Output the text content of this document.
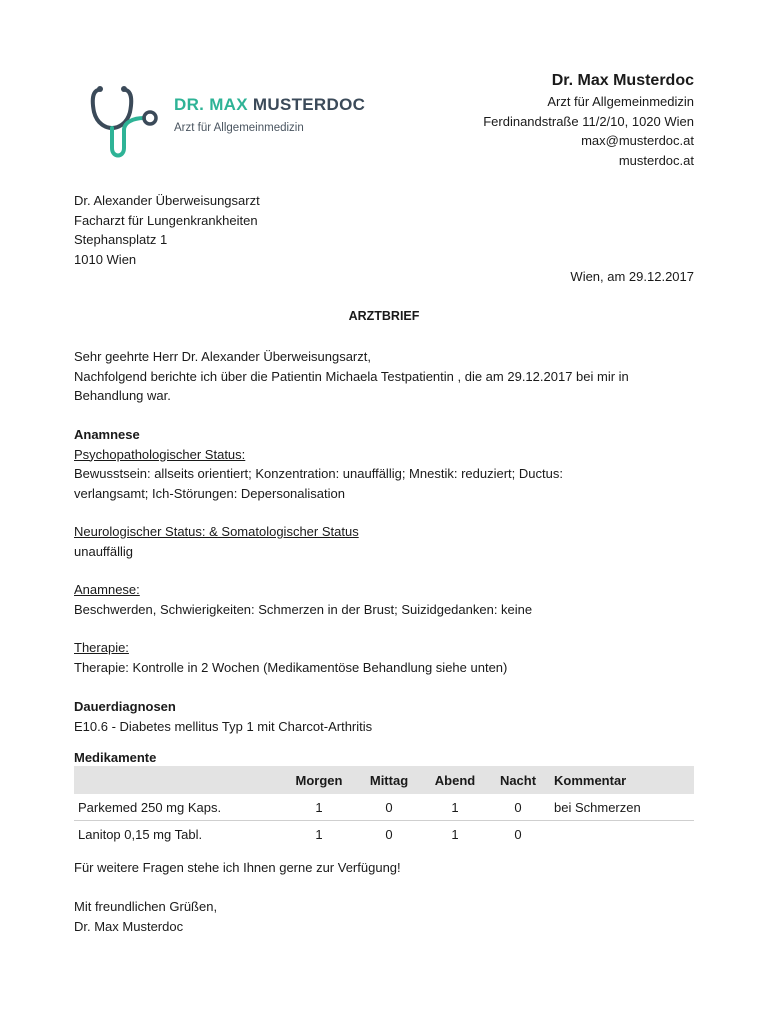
DR. MAX MUSTERDOC
Arzt für Allgemeinmedizin
Dr. Max Musterdoc
Arzt für Allgemeinmedizin
Ferdinandstraße 11/2/10, 1020 Wien
max@musterdoc.at
musterdoc.at
Dr. Alexander Überweisungsarzt
Facharzt für Lungenkrankheiten
Stephansplatz 1
1010 Wien
Wien, am 29.12.2017
ARZTBRIEF
Sehr geehrte Herr Dr. Alexander Überweisungsarzt,
Nachfolgend berichte ich über die Patientin Michaela Testpatientin , die am 29.12.2017 bei mir in
Behandlung war.
Anamnese
Psychopathologischer Status:
Bewusstsein: allseits orientiert; Konzentration: unauffällig; Mnestik: reduziert; Ductus:
verlangsamt; Ich-Störungen: Depersonalisation
Neurologischer Status: & Somatologischer Status
unauffällig
Anamnese:
Beschwerden, Schwierigkeiten: Schmerzen in der Brust; Suizidgedanken: keine
Therapie:
Therapie: Kontrolle in 2 Wochen (Medikamentöse Behandlung siehe unten)
Dauerdiagnosen
E10.6 - Diabetes mellitus Typ 1 mit Charcot-Arthritis
Medikamente
	Morgen	Mittag	Abend	Nacht	Kommentar
Parkemed 250 mg Kaps.	1	0	1	0	bei Schmerzen
Lanitop 0,15 mg Tabl.	1	0	1	0	
Für weitere Fragen stehe ich Ihnen gerne zur Verfügung!
Mit freundlichen Grüßen,
Dr. Max Musterdoc
